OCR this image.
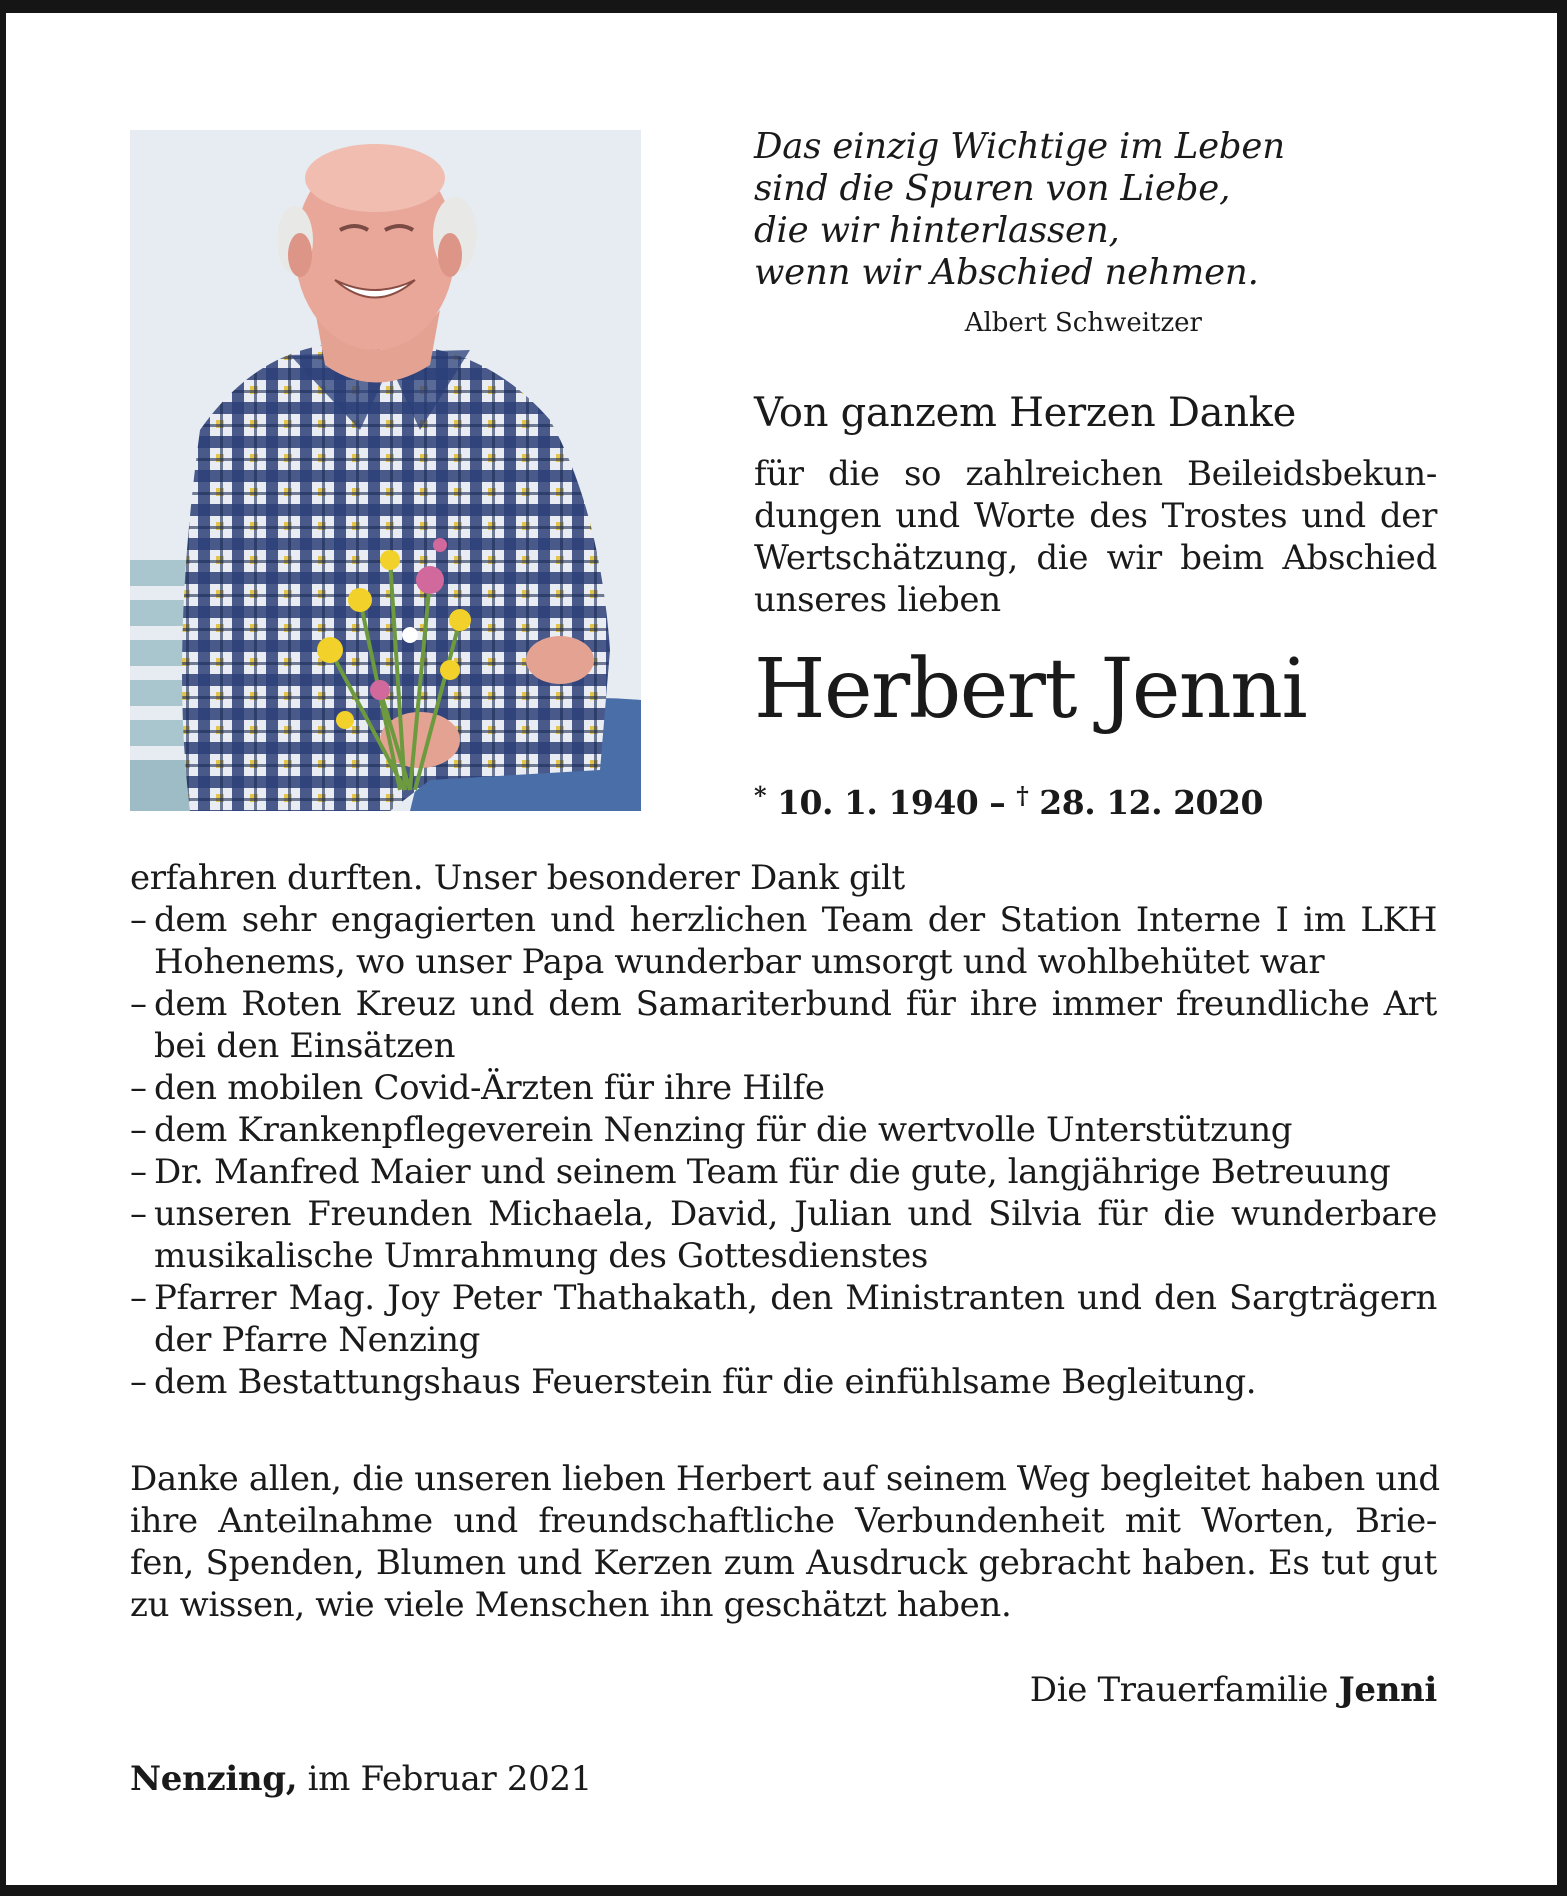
Das einzig Wichtige im Leben
sind die Spuren von Liebe,
die wir hinterlassen,
wenn wir Abschied nehmen.
Albert Schweitzer
Von ganzem Herzen Danke
für die so zahlreichen Beileidsbekun-
dungen und Worte des Trostes und der
Wertschätzung, die wir beim Abschied
unseres lieben
Herbert Jenni
* 10. 1. 1940 – † 28. 12. 2020
erfahren durften. Unser besonderer Dank gilt
– dem sehr engagierten und herzlichen Team der Station Interne I im LKH
Hohenems, wo unser Papa wunderbar umsorgt und wohlbehütet war
– dem Roten Kreuz und dem Samariterbund für ihre immer freundliche Art
bei den Einsätzen
– den mobilen Covid-Ärzten für ihre Hilfe
– dem Krankenpflegeverein Nenzing für die wertvolle Unterstützung
– Dr. Manfred Maier und seinem Team für die gute, langjährige Betreuung
– unseren Freunden Michaela, David, Julian und Silvia für die wunderbare
musikalische Umrahmung des Gottesdienstes
– Pfarrer Mag. Joy Peter Thathakath, den Ministranten und den Sargträgern
der Pfarre Nenzing
– dem Bestattungshaus Feuerstein für die einfühlsame Begleitung.
Danke allen, die unseren lieben Herbert auf seinem Weg begleitet haben und
ihre Anteilnahme und freundschaftliche Verbundenheit mit Worten, Brie-
fen, Spenden, Blumen und Kerzen zum Ausdruck gebracht haben. Es tut gut
zu wissen, wie viele Menschen ihn geschätzt haben.
Die Trauerfamilie Jenni
Nenzing, im Februar 2021
